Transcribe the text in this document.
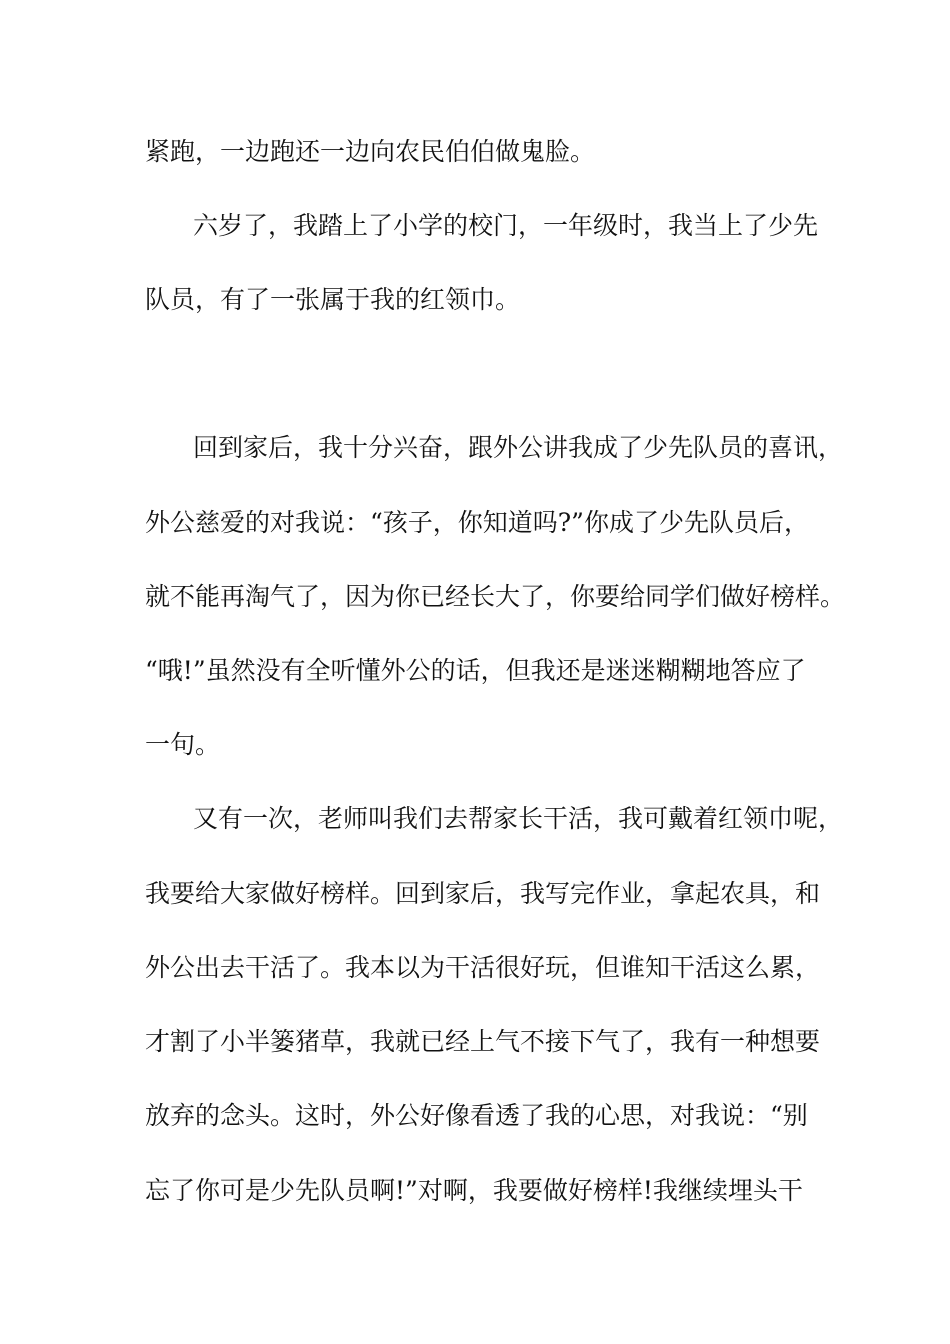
紧跑，一边跑还一边向农民伯伯做鬼脸。
六岁了，我踏上了小学的校门，一年级时，我当上了少先
队员，有了一张属于我的红领巾。
回到家后，我十分兴奋，跟外公讲我成了少先队员的喜讯，
外公慈爱的对我说：“孩子，你知道吗?”你成了少先队员后，
就不能再淘气了，因为你已经长大了，你要给同学们做好榜样。
“哦!”虽然没有全听懂外公的话，但我还是迷迷糊糊地答应了
一句。
又有一次，老师叫我们去帮家长干活，我可戴着红领巾呢，
我要给大家做好榜样。回到家后，我写完作业，拿起农具，和
外公出去干活了。我本以为干活很好玩，但谁知干活这么累，
才割了小半篓猪草，我就已经上气不接下气了，我有一种想要
放弃的念头。这时，外公好像看透了我的心思，对我说：“别
忘了你可是少先队员啊!”对啊，我要做好榜样!我继续埋头干
